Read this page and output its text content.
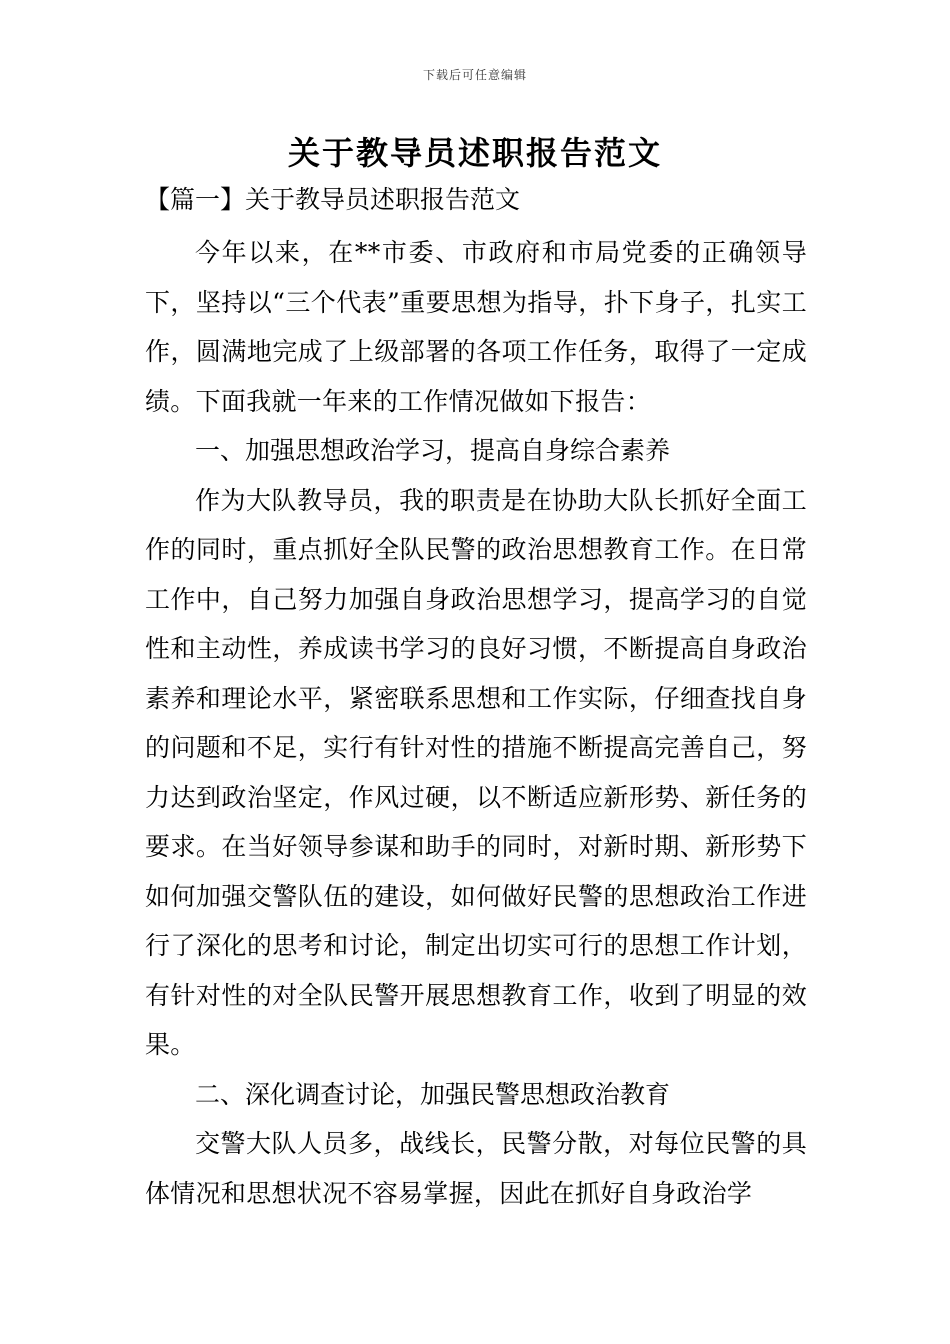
下载后可任意编辑
关于教导员述职报告范文

【篇一】关于教导员述职报告范文

今年以来，在**市委、市政府和市局党委的正确领导下，坚持以“三个代表”重要思想为指导，扑下身子，扎实工作，圆满地完成了上级部署的各项工作任务，取得了一定成绩。下面我就一年来的工作情况做如下报告：

一、加强思想政治学习，提高自身综合素养

作为大队教导员，我的职责是在协助大队长抓好全面工作的同时，重点抓好全队民警的政治思想教育工作。在日常工作中，自己努力加强自身政治思想学习，提高学习的自觉性和主动性，养成读书学习的良好习惯，不断提高自身政治素养和理论水平，紧密联系思想和工作实际，仔细查找自身的问题和不足，实行有针对性的措施不断提高完善自己，努力达到政治坚定，作风过硬，以不断适应新形势、新任务的要求。在当好领导参谋和助手的同时，对新时期、新形势下如何加强交警队伍的建设，如何做好民警的思想政治工作进行了深化的思考和讨论，制定出切实可行的思想工作计划，有针对性的对全队民警开展思想教育工作，收到了明显的效果。

二、深化调查讨论，加强民警思想政治教育

交警大队人员多，战线长，民警分散，对每位民警的具体情况和思想状况不容易掌握，因此在抓好自身政治学
